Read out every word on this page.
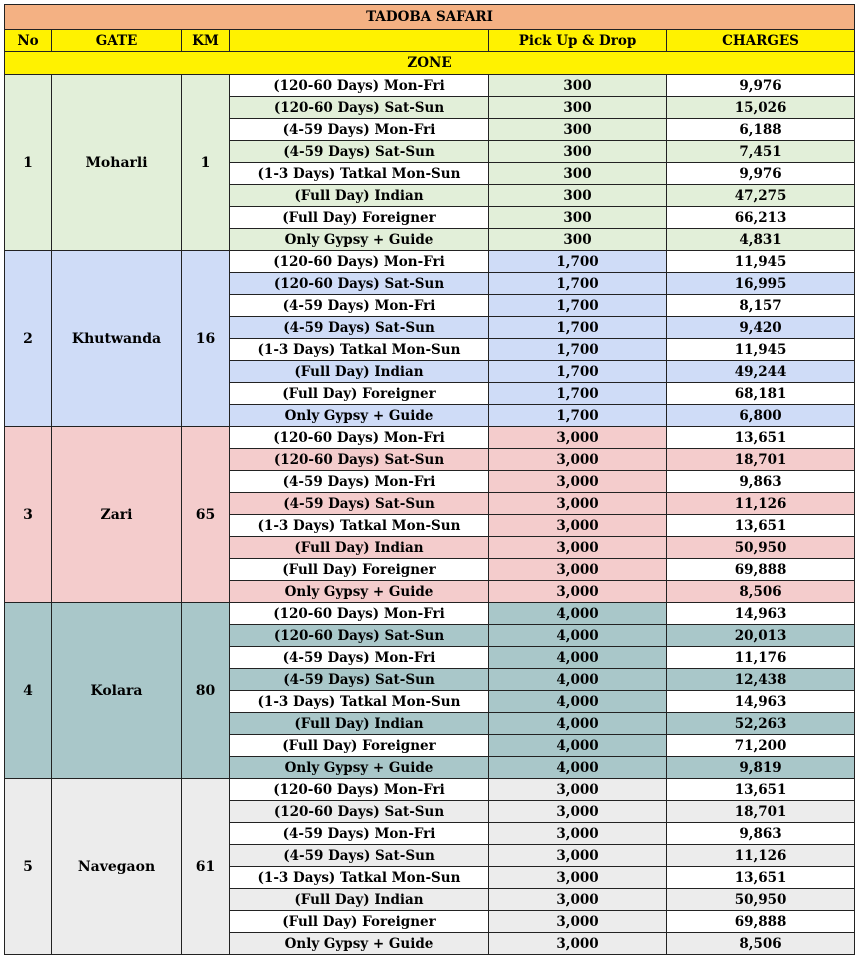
TADOBA SAFARI					
No	GATE	KM		Pick Up & Drop	CHARGES
ZONE					
1	Moharli	1	(120-60 Days) Mon-Fri	300	9,976
			(120-60 Days) Sat-Sun	300	15,026
			(4-59 Days) Mon-Fri	300	6,188
			(4-59 Days) Sat-Sun	300	7,451
			(1-3 Days) Tatkal Mon-Sun	300	9,976
			(Full Day) Indian	300	47,275
			(Full Day) Foreigner	300	66,213
			Only Gypsy + Guide	300	4,831
2	Khutwanda	16	(120-60 Days) Mon-Fri	1,700	11,945
			(120-60 Days) Sat-Sun	1,700	16,995
			(4-59 Days) Mon-Fri	1,700	8,157
			(4-59 Days) Sat-Sun	1,700	9,420
			(1-3 Days) Tatkal Mon-Sun	1,700	11,945
			(Full Day) Indian	1,700	49,244
			(Full Day) Foreigner	1,700	68,181
			Only Gypsy + Guide	1,700	6,800
3	Zari	65	(120-60 Days) Mon-Fri	3,000	13,651
			(120-60 Days) Sat-Sun	3,000	18,701
			(4-59 Days) Mon-Fri	3,000	9,863
			(4-59 Days) Sat-Sun	3,000	11,126
			(1-3 Days) Tatkal Mon-Sun	3,000	13,651
			(Full Day) Indian	3,000	50,950
			(Full Day) Foreigner	3,000	69,888
			Only Gypsy + Guide	3,000	8,506
4	Kolara	80	(120-60 Days) Mon-Fri	4,000	14,963
			(120-60 Days) Sat-Sun	4,000	20,013
			(4-59 Days) Mon-Fri	4,000	11,176
			(4-59 Days) Sat-Sun	4,000	12,438
			(1-3 Days) Tatkal Mon-Sun	4,000	14,963
			(Full Day) Indian	4,000	52,263
			(Full Day) Foreigner	4,000	71,200
			Only Gypsy + Guide	4,000	9,819
5	Navegaon	61	(120-60 Days) Mon-Fri	3,000	13,651
			(120-60 Days) Sat-Sun	3,000	18,701
			(4-59 Days) Mon-Fri	3,000	9,863
			(4-59 Days) Sat-Sun	3,000	11,126
			(1-3 Days) Tatkal Mon-Sun	3,000	13,651
			(Full Day) Indian	3,000	50,950
			(Full Day) Foreigner	3,000	69,888
			Only Gypsy + Guide	3,000	8,506
